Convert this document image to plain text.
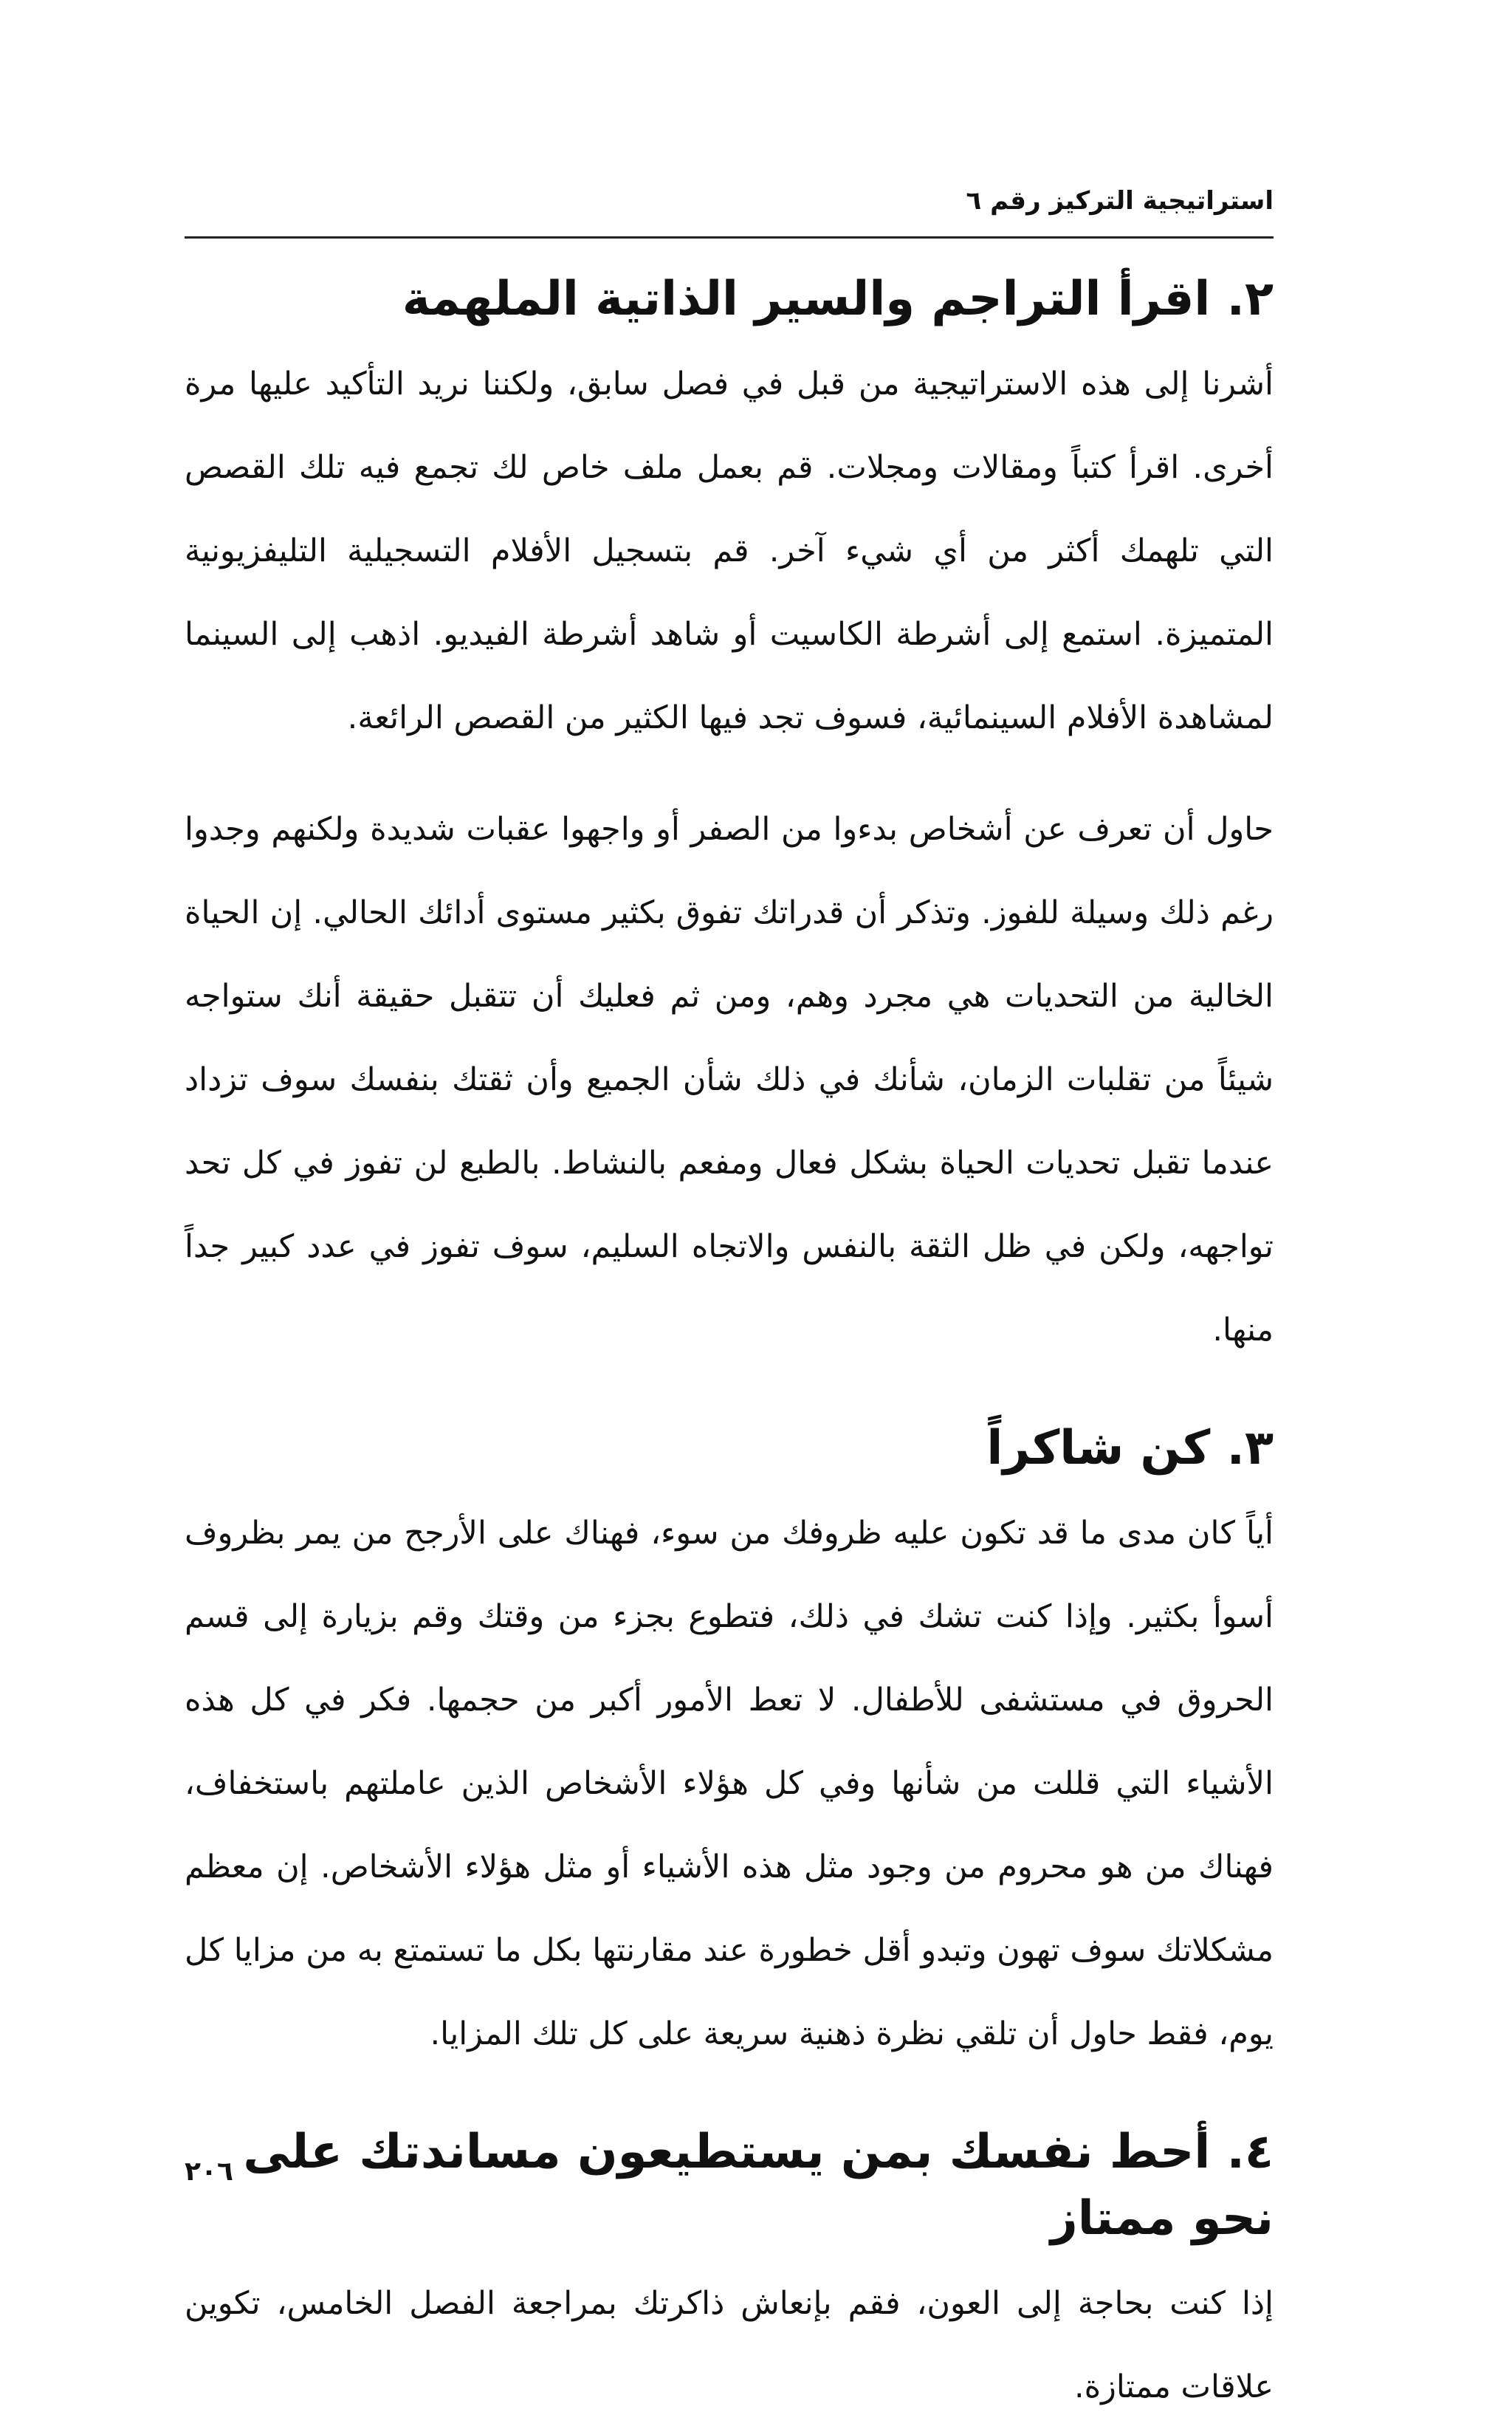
استراتيجية التركيز رقم ٦
٢. اقرأ التراجم والسير الذاتية الملهمة

أشرنا إلى هذه الاستراتيجية من قبل في فصل سابق، ولكننا نريد التأكيد عليها مرة أخرى. اقرأ كتباً ومقالات ومجلات. قم بعمل ملف خاص لك تجمع فيه تلك القصص التي تلهمك أكثر من أي شيء آخر. قم بتسجيل الأفلام التسجيلية التليفزيونية المتميزة. استمع إلى أشرطة الكاسيت أو شاهد أشرطة الفيديو. اذهب إلى السينما لمشاهدة الأفلام السينمائية، فسوف تجد فيها الكثير من القصص الرائعة.

حاول أن تعرف عن أشخاص بدءوا من الصفر أو واجهوا عقبات شديدة ولكنهم وجدوا رغم ذلك وسيلة للفوز. وتذكر أن قدراتك تفوق بكثير مستوى أدائك الحالي. إن الحياة الخالية من التحديات هي مجرد وهم، ومن ثم فعليك أن تتقبل حقيقة أنك ستواجه شيئاً من تقلبات الزمان، شأنك في ذلك شأن الجميع وأن ثقتك بنفسك سوف تزداد عندما تقبل تحديات الحياة بشكل فعال ومفعم بالنشاط. بالطبع لن تفوز في كل تحد تواجهه، ولكن في ظل الثقة بالنفس والاتجاه السليم، سوف تفوز في عدد كبير جداً منها.

٣. كن شاكراً

أياً كان مدى ما قد تكون عليه ظروفك من سوء، فهناك على الأرجح من يمر بظروف أسوأ بكثير. وإذا كنت تشك في ذلك، فتطوع بجزء من وقتك وقم بزيارة إلى قسم الحروق في مستشفى للأطفال. لا تعط الأمور أكبر من حجمها. فكر في كل هذه الأشياء التي قللت من شأنها وفي كل هؤلاء الأشخاص الذين عاملتهم باستخفاف، فهناك من هو محروم من وجود مثل هذه الأشياء أو مثل هؤلاء الأشخاص. إن معظم مشكلاتك سوف تهون وتبدو أقل خطورة عند مقارنتها بكل ما تستمتع به من مزايا كل يوم، فقط حاول أن تلقي نظرة ذهنية سريعة على كل تلك المزايا.

٤. أحط نفسك بمن يستطيعون مساندتك على نحو ممتاز

إذا كنت بحاجة إلى العون، فقم بإنعاش ذاكرتك بمراجعة الفصل الخامس، تكوين علاقات ممتازة.

٢٠٦
